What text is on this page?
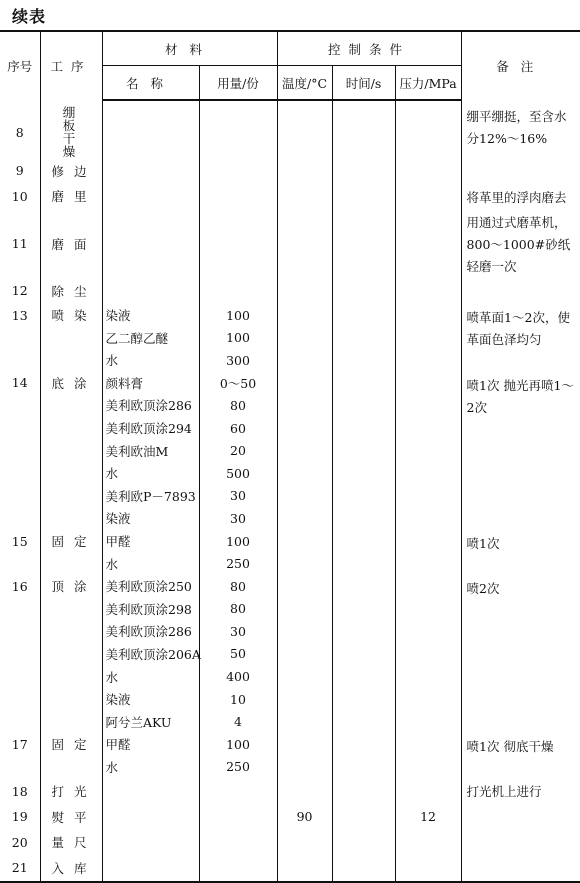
续表
序号	工序	材料		控制条件			备注
		名称	用量/份	温度/°C	时间/s	压力/MPa	
8	绷板干燥						绷平绷挺，至含水分12%～16%
9	修边						
10	磨里						将革里的浮肉磨去
11	磨面						用通过式磨革机，800～1000#砂纸轻磨一次
12	除尘						
13	喷染	染液	100				喷革面1～2次，使革面色泽均匀
		乙二醇乙醚	100				
		水	300				
14	底涂	颜料膏	0～50				喷1次 抛光再喷1～2次
		美利欧顶涂286	80				
		美利欧顶涂294	60				
		美利欧油M	20				
		水	500				
		美利欧P－7893	30				
		染液	30				
15	固定	甲醛	100				喷1次
		水	250				
16	顶涂	美利欧顶涂250	80				喷2次
		美利欧顶涂298	80				
		美利欧顶涂286	30				
		美利欧顶涂206A	50				
		水	400				
		染液	10				
		阿兮兰AKU	4				
17	固定	甲醛	100				喷1次 彻底干燥
		水	250				
18	打光						打光机上进行
19	熨平			90		12	
20	量尺						
21	入库						
